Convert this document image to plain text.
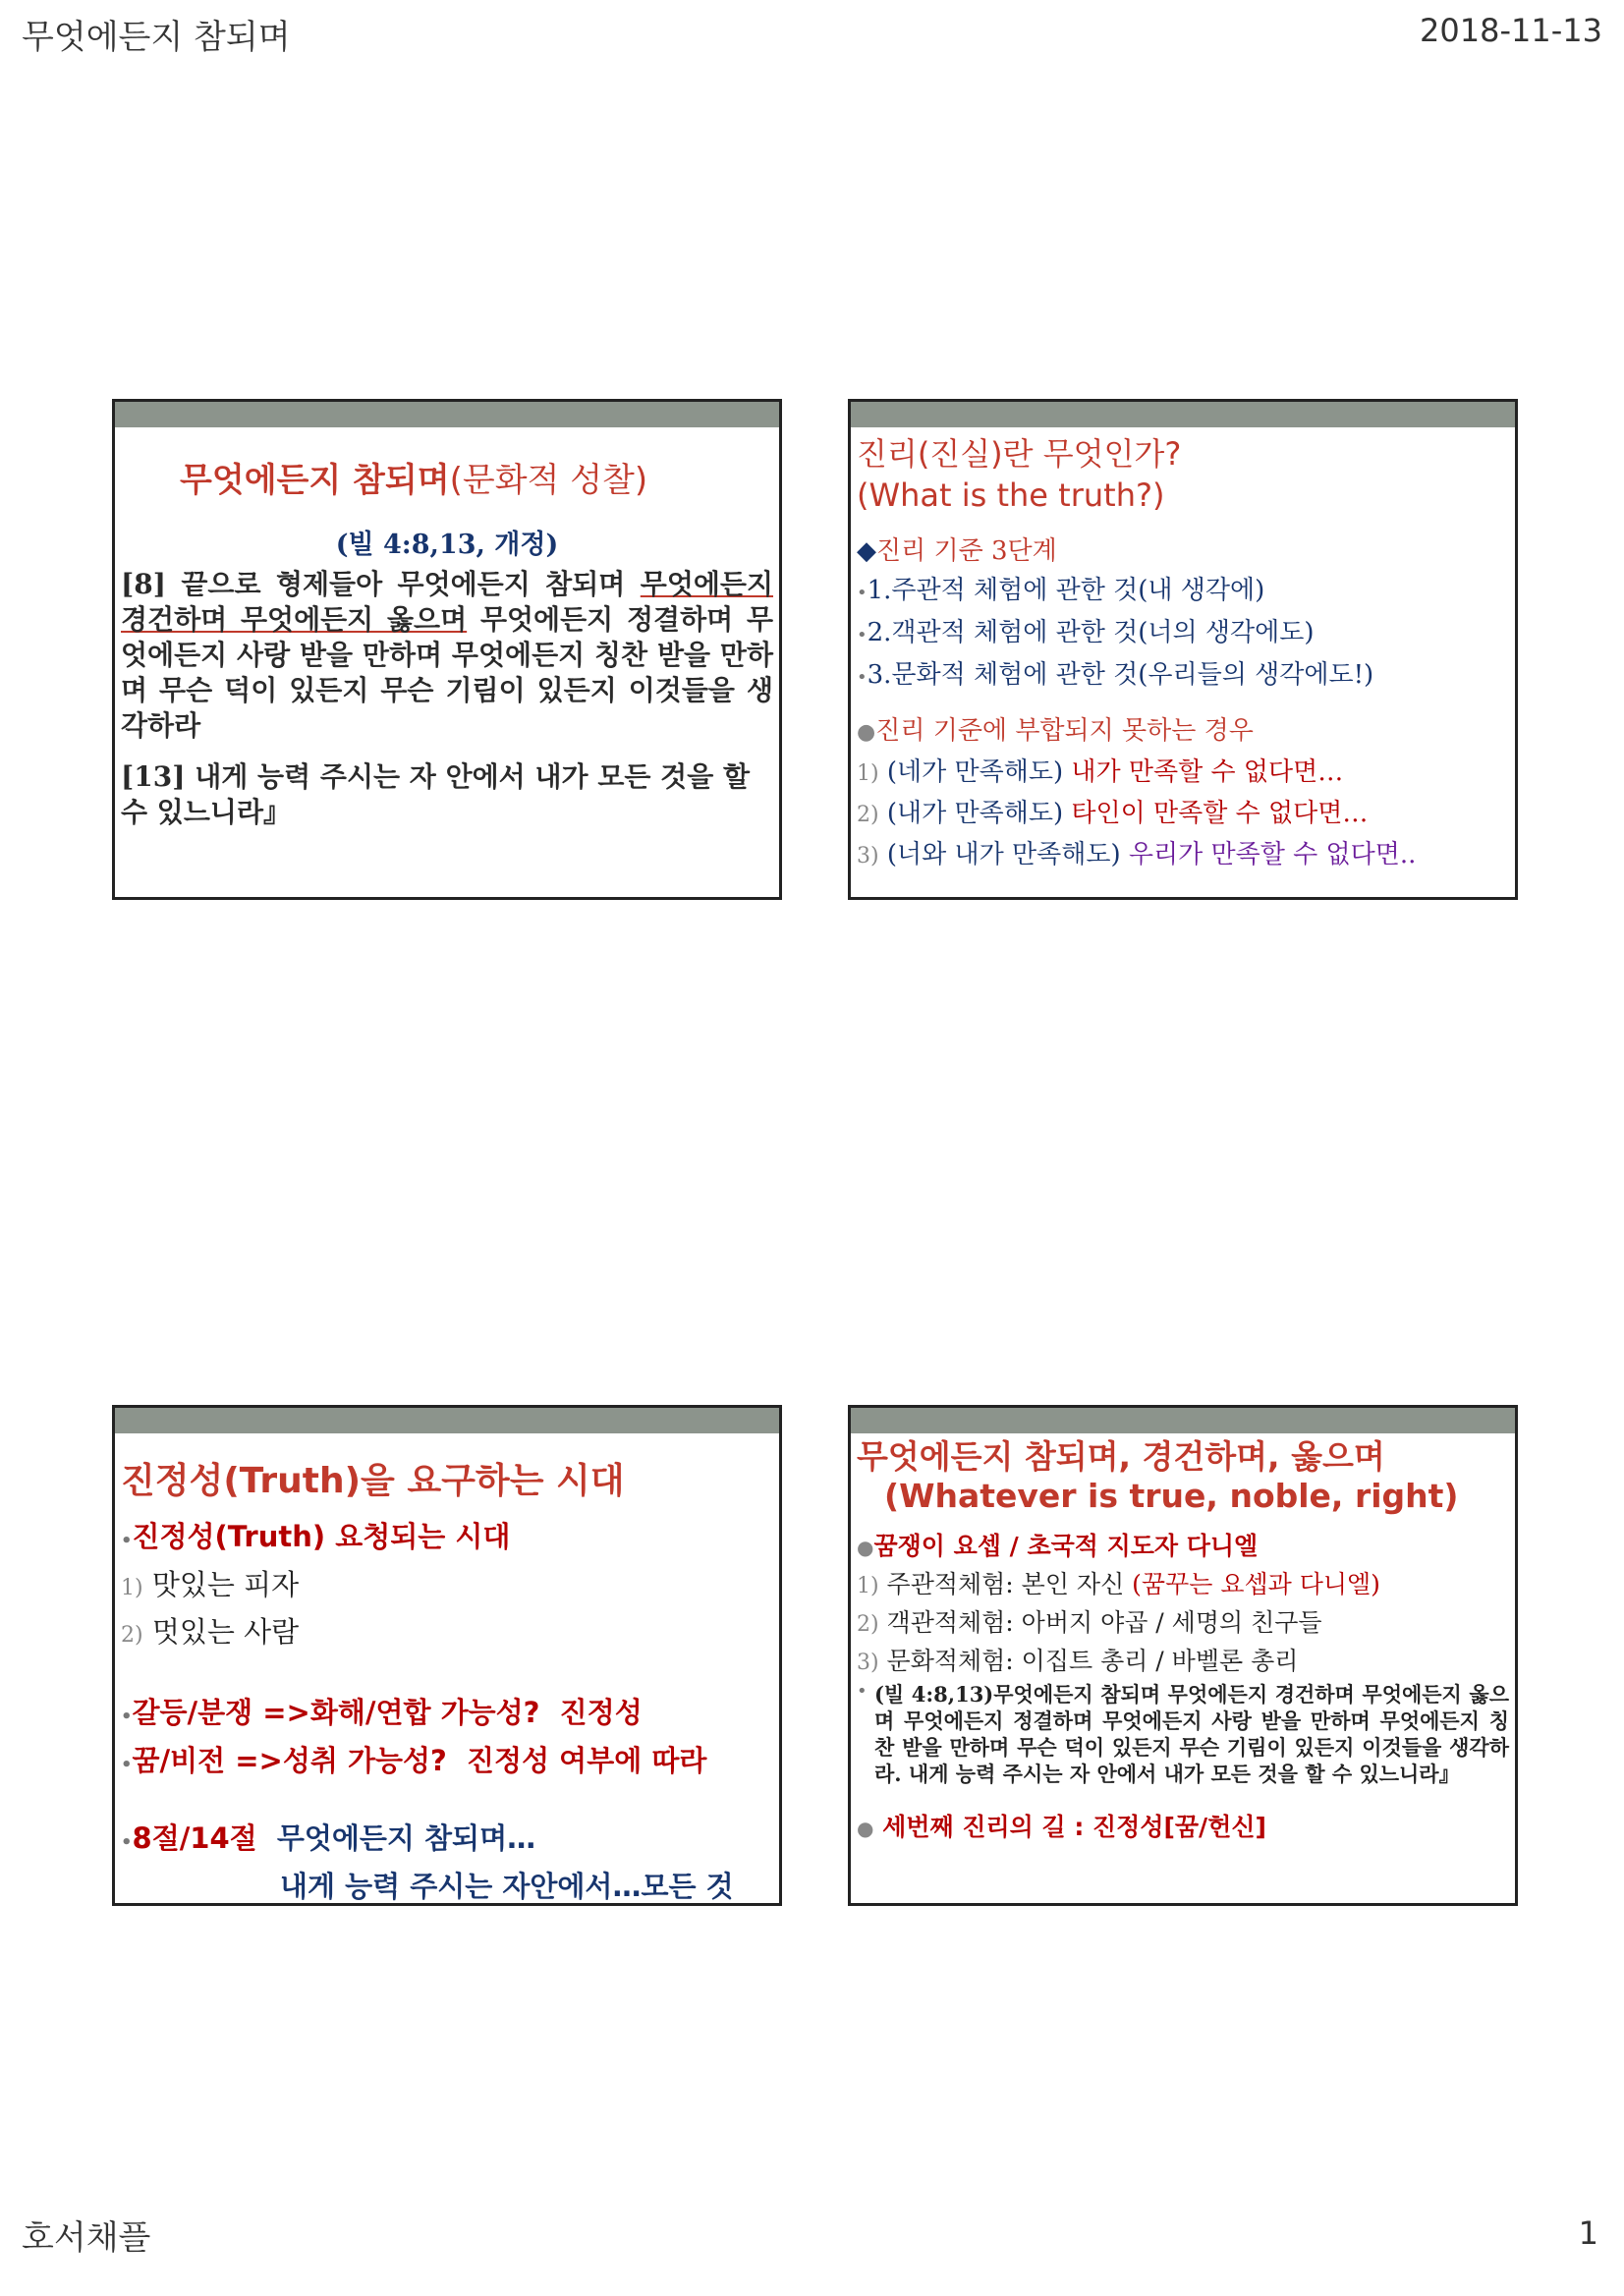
무엇에든지 참되며	2018-11-13
무엇에든지 참되며(문화적 성찰)
(빌 4:8,13, 개정)
[8] 끝으로 형제들아 무엇에든지 참되며 무엇에든지 경건하며 무엇에든지 옳으며 무엇에든지 정결하며 무엇에든지 사랑 받을 만하며 무엇에든지 칭찬 받을 만하며 무슨 덕이 있든지 무슨 기림이 있든지 이것들을 생각하라
[13] 내게 능력 주시는 자 안에서 내가 모든 것을 할 수 있느니라』
진리(진실)란 무엇인가?
(What is the truth?)
◆진리 기준 3단계
•1.주관적 체험에 관한 것(내 생각에)
•2.객관적 체험에 관한 것(너의 생각에도)
•3.문화적 체험에 관한 것(우리들의 생각에도!)
●진리 기준에 부합되지 못하는 경우
1) (네가 만족해도) 내가 만족할 수 없다면…
2) (내가 만족해도) 타인이 만족할 수 없다면…
3) (너와 내가 만족해도) 우리가 만족할 수 없다면..
진정성(Truth)을 요구하는 시대
•진정성(Truth) 요청되는 시대
1) 맛있는 피자
2) 멋있는 사람
•갈등/분쟁 =>화해/연합 가능성? 진정성
•꿈/비전 =>성취 가능성? 진정성 여부에 따라
•8절/14절 무엇에든지 참되며…
내게 능력 주시는 자안에서…모든 것
무엇에든지 참되며, 경건하며, 옳으며
(Whatever is true, noble, right)
●꿈쟁이 요셉 / 초국적 지도자 다니엘
1) 주관적체험: 본인 자신 (꿈꾸는 요셉과 다니엘)
2) 객관적체험: 아버지 야곱 / 세명의 친구들
3) 문화적체험: 이집트 총리 / 바벨론 총리
• (빌 4:8,13)무엇에든지 참되며 무엇에든지 경건하며 무엇에든지 옳으며 무엇에든지 정결하며 무엇에든지 사랑 받을 만하며 무엇에든지 칭찬 받을 만하며 무슨 덕이 있든지 무슨 기림이 있든지 이것들을 생각하라. 내게 능력 주시는 자 안에서 내가 모든 것을 할 수 있느니라』
● 세번째 진리의 길 : 진정성[꿈/헌신]
호서채플	1
